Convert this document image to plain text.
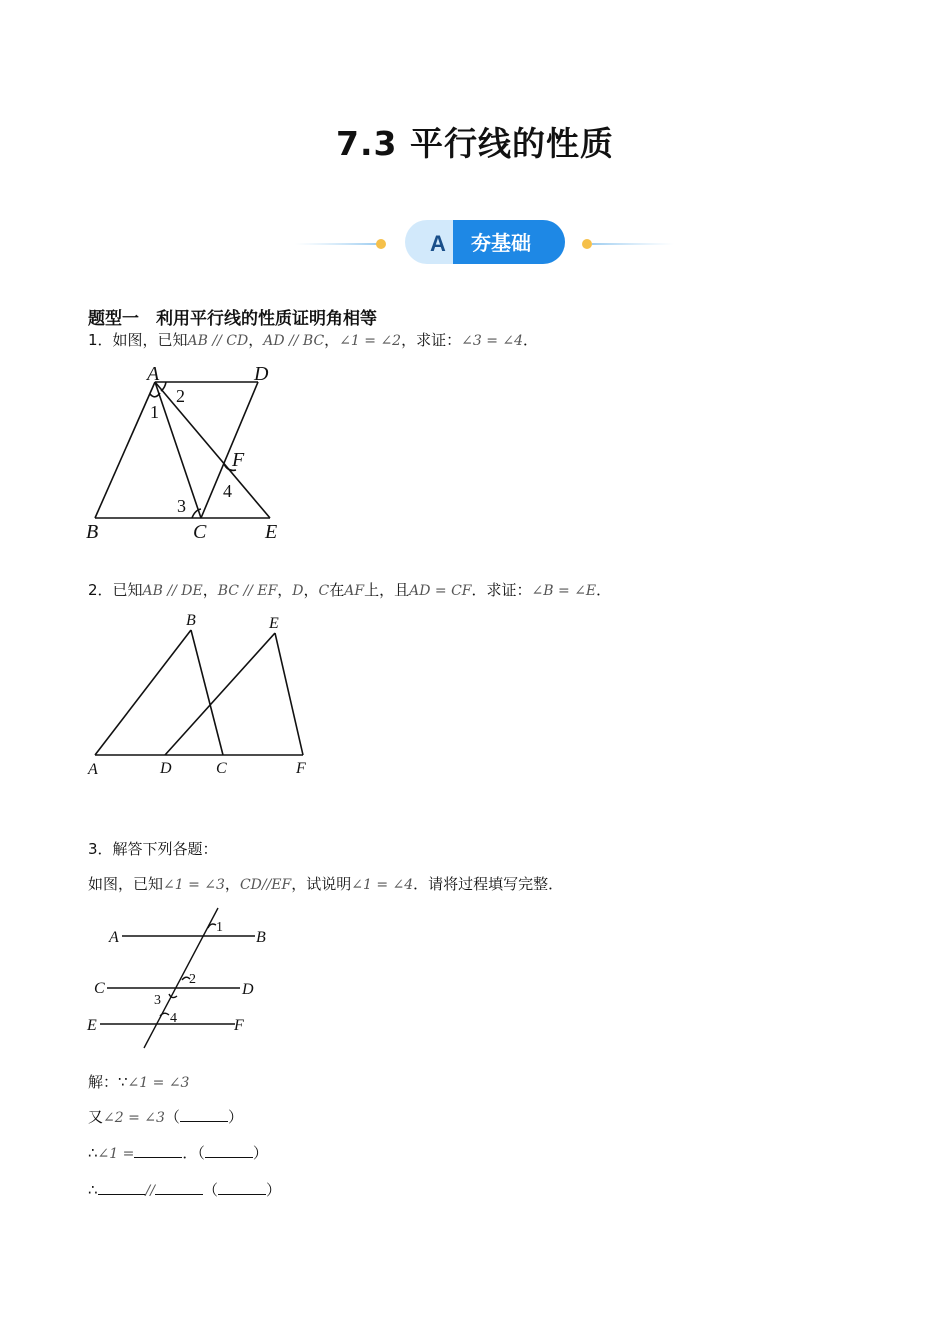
7.3 平行线的性质
A 夯基础
题型一　利用平行线的性质证明角相等
1．如图，已知AB // CD，AD // BC，∠1 = ∠2，求证：∠3 = ∠4．
A	D
2
1
F
4
3
B	C	E
2．已知AB // DE，BC // EF，D，C在AF上，且AD = CF．求证：∠B = ∠E．
B	E
A	D	C	F
3．解答下列各题：
如图，已知∠1 = ∠3，CD//EF，试说明∠1 = ∠4．请将过程填写完整．
A	B
1
C	D
2
3
E	F
4
解：∵∠1 = ∠3
又∠2 = ∠3（	）
∴∠1 =	．（	）
∴	//	（	）
